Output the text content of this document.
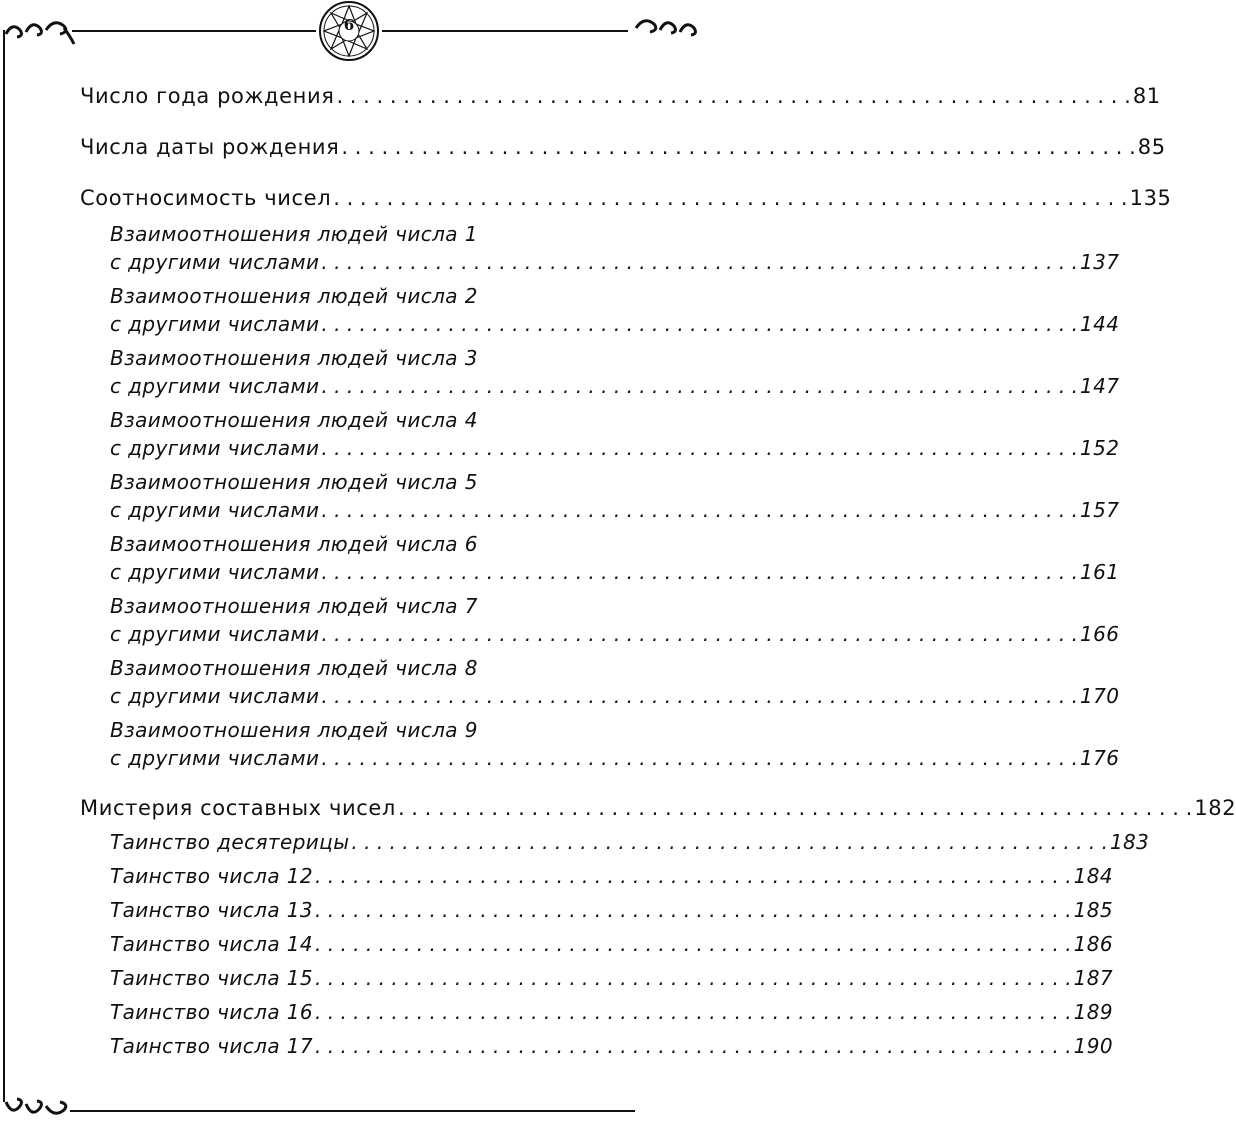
6
Число года рождения . . . . . . . . . . . . . . . . . . . . . . . . . . . . . . . . . . . . . . . . . . . . . . . . . . . . . . . . . . . . 81
Числа даты рождения . . . . . . . . . . . . . . . . . . . . . . . . . . . . . . . . . . . . . . . . . . . . . . . . . . . . . . . . . . . . 85
Соотносимость чисел . . . . . . . . . . . . . . . . . . . . . . . . . . . . . . . . . . . . . . . . . . . . . . . . . . . . . . . . . . . . 135
Взаимоотношения людей числа 1
с другими числами . . . . . . . . . . . . . . . . . . . . . . . . . . . . . . . . . . . . . . . . . . . . . . . . . . . . . . . . . . . . 137
Взаимоотношения людей числа 2
с другими числами . . . . . . . . . . . . . . . . . . . . . . . . . . . . . . . . . . . . . . . . . . . . . . . . . . . . . . . . . . . . 144
Взаимоотношения людей числа 3
с другими числами . . . . . . . . . . . . . . . . . . . . . . . . . . . . . . . . . . . . . . . . . . . . . . . . . . . . . . . . . . . . 147
Взаимоотношения людей числа 4
с другими числами . . . . . . . . . . . . . . . . . . . . . . . . . . . . . . . . . . . . . . . . . . . . . . . . . . . . . . . . . . . . 152
Взаимоотношения людей числа 5
с другими числами . . . . . . . . . . . . . . . . . . . . . . . . . . . . . . . . . . . . . . . . . . . . . . . . . . . . . . . . . . . . 157
Взаимоотношения людей числа 6
с другими числами . . . . . . . . . . . . . . . . . . . . . . . . . . . . . . . . . . . . . . . . . . . . . . . . . . . . . . . . . . . . 161
Взаимоотношения людей числа 7
с другими числами . . . . . . . . . . . . . . . . . . . . . . . . . . . . . . . . . . . . . . . . . . . . . . . . . . . . . . . . . . . . 166
Взаимоотношения людей числа 8
с другими числами . . . . . . . . . . . . . . . . . . . . . . . . . . . . . . . . . . . . . . . . . . . . . . . . . . . . . . . . . . . . 170
Взаимоотношения людей числа 9
с другими числами . . . . . . . . . . . . . . . . . . . . . . . . . . . . . . . . . . . . . . . . . . . . . . . . . . . . . . . . . . . . 176
Мистерия составных чисел . . . . . . . . . . . . . . . . . . . . . . . . . . . . . . . . . . . . . . . . . . . . . . . . . . . . . . . . . . . . 182
Таинство десятерицы . . . . . . . . . . . . . . . . . . . . . . . . . . . . . . . . . . . . . . . . . . . . . . . . . . . . . . . . . . . . 183
Таинство числа 12 . . . . . . . . . . . . . . . . . . . . . . . . . . . . . . . . . . . . . . . . . . . . . . . . . . . . . . . . . . . . 184
Таинство числа 13 . . . . . . . . . . . . . . . . . . . . . . . . . . . . . . . . . . . . . . . . . . . . . . . . . . . . . . . . . . . . 185
Таинство числа 14 . . . . . . . . . . . . . . . . . . . . . . . . . . . . . . . . . . . . . . . . . . . . . . . . . . . . . . . . . . . . 186
Таинство числа 15 . . . . . . . . . . . . . . . . . . . . . . . . . . . . . . . . . . . . . . . . . . . . . . . . . . . . . . . . . . . . 187
Таинство числа 16 . . . . . . . . . . . . . . . . . . . . . . . . . . . . . . . . . . . . . . . . . . . . . . . . . . . . . . . . . . . . 189
Таинство числа 17 . . . . . . . . . . . . . . . . . . . . . . . . . . . . . . . . . . . . . . . . . . . . . . . . . . . . . . . . . . . . 190
